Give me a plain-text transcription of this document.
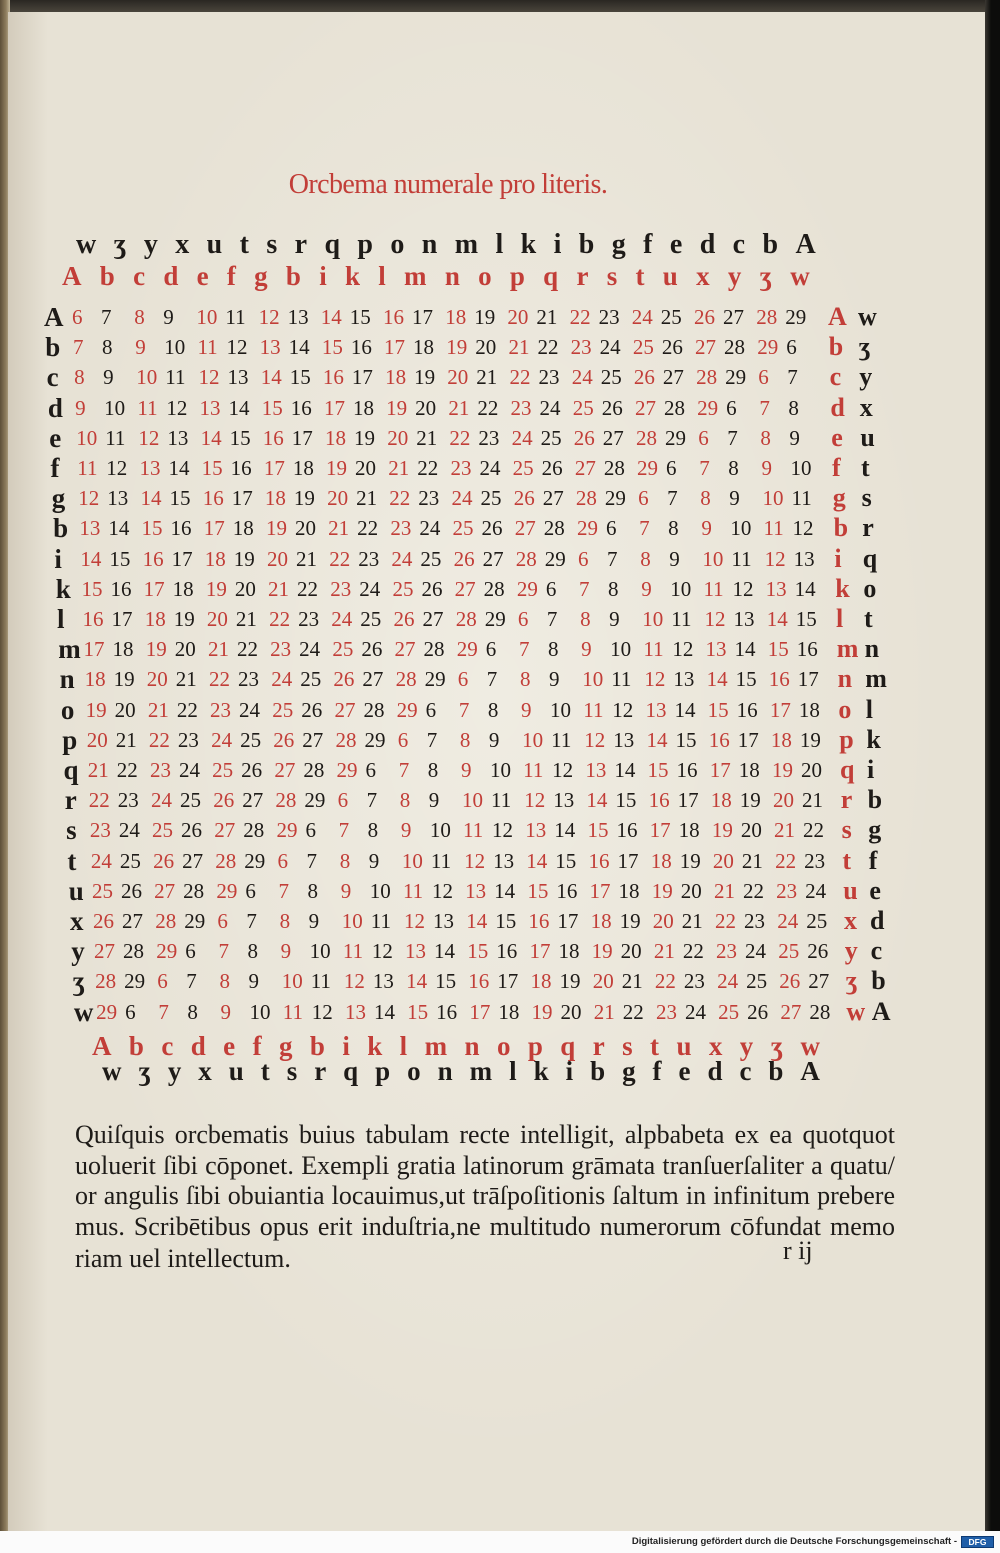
Orcbema numerale pro literis.
w ʒ y x u t s r q p o n m l k i b g f e d c b A
A b c d e f g b i k l m n o p q r s t u x y ʒ w
A 6 7 8 9 10 11 12 13 14 15 16 17 18 19 20 21 22 23 24 25 26 27 28 29 A w
b 7 8 9 10 11 12 13 14 15 16 17 18 19 20 21 22 23 24 25 26 27 28 29 6 b ʒ
c 8 9 10 11 12 13 14 15 16 17 18 19 20 21 22 23 24 25 26 27 28 29 6 7 c y
d 9 10 11 12 13 14 15 16 17 18 19 20 21 22 23 24 25 26 27 28 29 6 7 8 d x
e 10 11 12 13 14 15 16 17 18 19 20 21 22 23 24 25 26 27 28 29 6 7 8 9 e u
f 11 12 13 14 15 16 17 18 19 20 21 22 23 24 25 26 27 28 29 6 7 8 9 10 f t
g 12 13 14 15 16 17 18 19 20 21 22 23 24 25 26 27 28 29 6 7 8 9 10 11 g s
b 13 14 15 16 17 18 19 20 21 22 23 24 25 26 27 28 29 6 7 8 9 10 11 12 b r
i 14 15 16 17 18 19 20 21 22 23 24 25 26 27 28 29 6 7 8 9 10 11 12 13 i q
k 15 16 17 18 19 20 21 22 23 24 25 26 27 28 29 6 7 8 9 10 11 12 13 14 k o
l 16 17 18 19 20 21 22 23 24 25 26 27 28 29 6 7 8 9 10 11 12 13 14 15 l t
m 17 18 19 20 21 22 23 24 25 26 27 28 29 6 7 8 9 10 11 12 13 14 15 16 m n
n 18 19 20 21 22 23 24 25 26 27 28 29 6 7 8 9 10 11 12 13 14 15 16 17 n m
o 19 20 21 22 23 24 25 26 27 28 29 6 7 8 9 10 11 12 13 14 15 16 17 18 o l
p 20 21 22 23 24 25 26 27 28 29 6 7 8 9 10 11 12 13 14 15 16 17 18 19 p k
q 21 22 23 24 25 26 27 28 29 6 7 8 9 10 11 12 13 14 15 16 17 18 19 20 q i
r 22 23 24 25 26 27 28 29 6 7 8 9 10 11 12 13 14 15 16 17 18 19 20 21 r b
s 23 24 25 26 27 28 29 6 7 8 9 10 11 12 13 14 15 16 17 18 19 20 21 22 s g
t 24 25 26 27 28 29 6 7 8 9 10 11 12 13 14 15 16 17 18 19 20 21 22 23 t f
u 25 26 27 28 29 6 7 8 9 10 11 12 13 14 15 16 17 18 19 20 21 22 23 24 u e
x 26 27 28 29 6 7 8 9 10 11 12 13 14 15 16 17 18 19 20 21 22 23 24 25 x d
y 27 28 29 6 7 8 9 10 11 12 13 14 15 16 17 18 19 20 21 22 23 24 25 26 y c
ʒ 28 29 6 7 8 9 10 11 12 13 14 15 16 17 18 19 20 21 22 23 24 25 26 27 ʒ b
w 29 6 7 8 9 10 11 12 13 14 15 16 17 18 19 20 21 22 23 24 25 26 27 28 w A
A b c d e f g b i k l m n o p q r s t u x y ʒ w
w ʒ y x u t s r q p o n m l k i b g f e d c b A
Quiſquis orcbematis buius tabulam recte intelligit, alpbabeta ex ea quotquot
uoluerit ſibi cōponet. Exempli gratia latinorum grāmata tranſuerſaliter a quatu/
or angulis ſibi obuiantia locauimus,ut trāſpoſitionis ſaltum in infinitum prebere
mus. Scribētibus opus erit induſtria,ne multitudo numerorum cōfundat memo
riam uel intellectum.	r ij
Digitalisierung gefördert durch die Deutsche Forschungsgemeinschaft -	DFG
